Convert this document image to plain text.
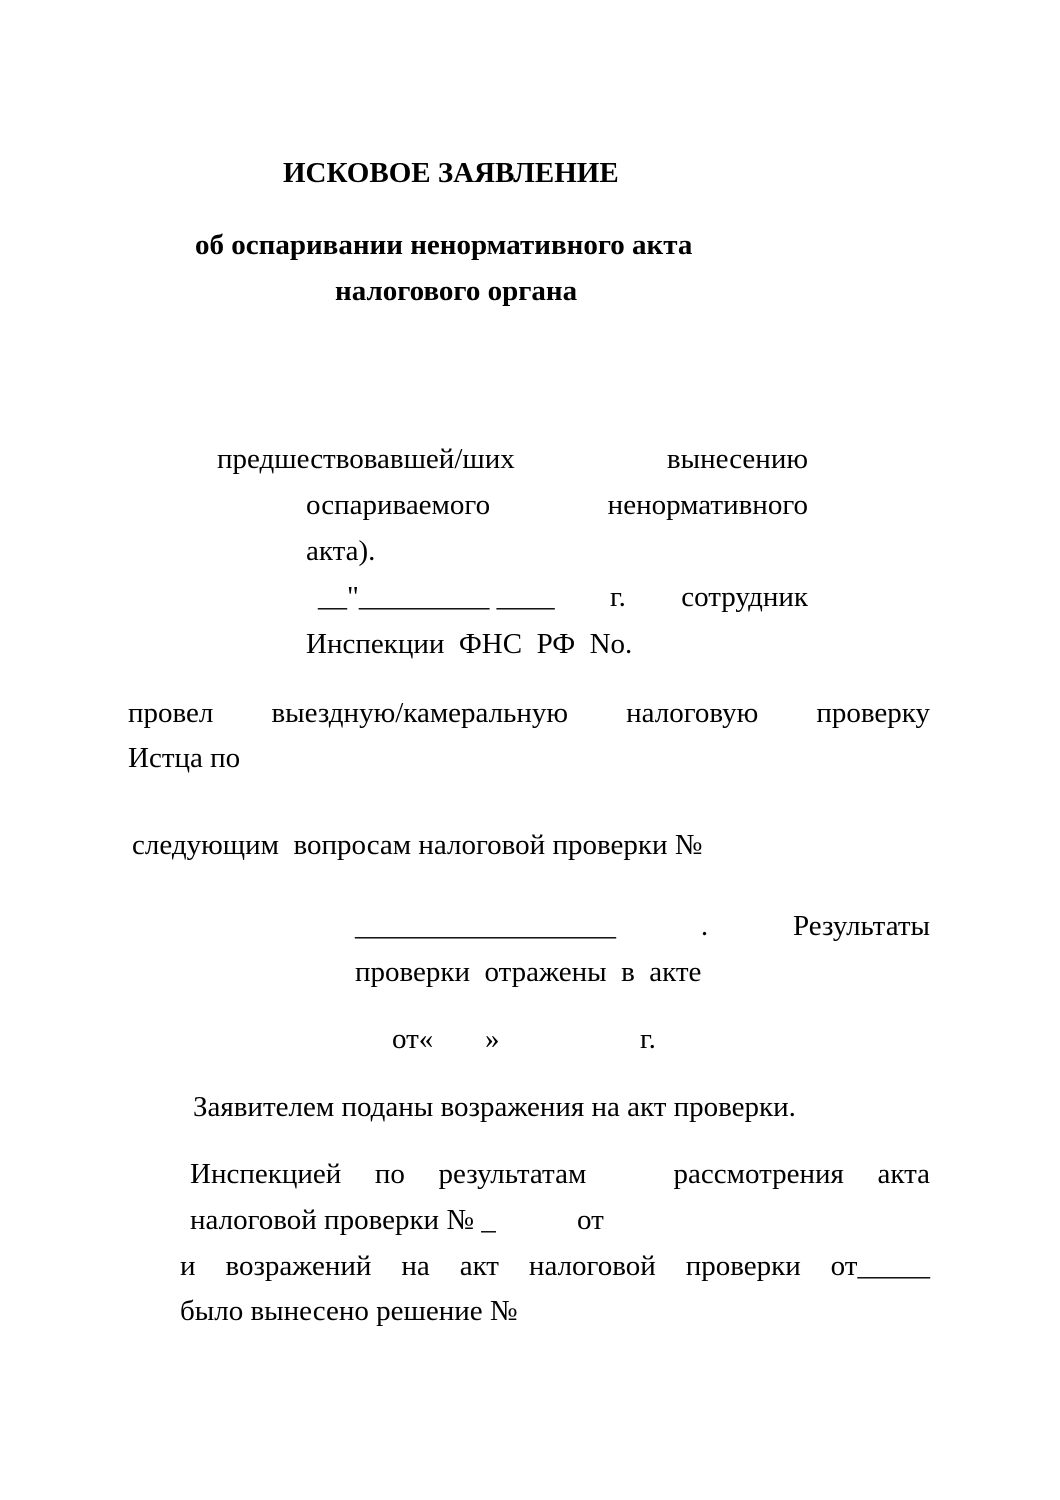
ИСКОВОЕ ЗАЯВЛЕНИЕ
об оспаривании ненормативного акта
налогового органа
предшествовавшей/ших	вынесению
оспариваемого	ненормативного
акта).
__"_________ ____ г. сотрудник
Инспекции  ФНС  РФ  No.
провел выездную/камеральную налоговую проверку
Истца по
следующим  вопросам налоговой проверки №
__________________	.	Результаты
проверки  отражены  в  акте
от« »	г.
Заявителем поданы возражения на акт проверки.
Инспекцией по результатам	рассмотрения акта
налоговой проверки № _	от
и возражений на акт налоговой проверки от_____
было вынесено решение №
